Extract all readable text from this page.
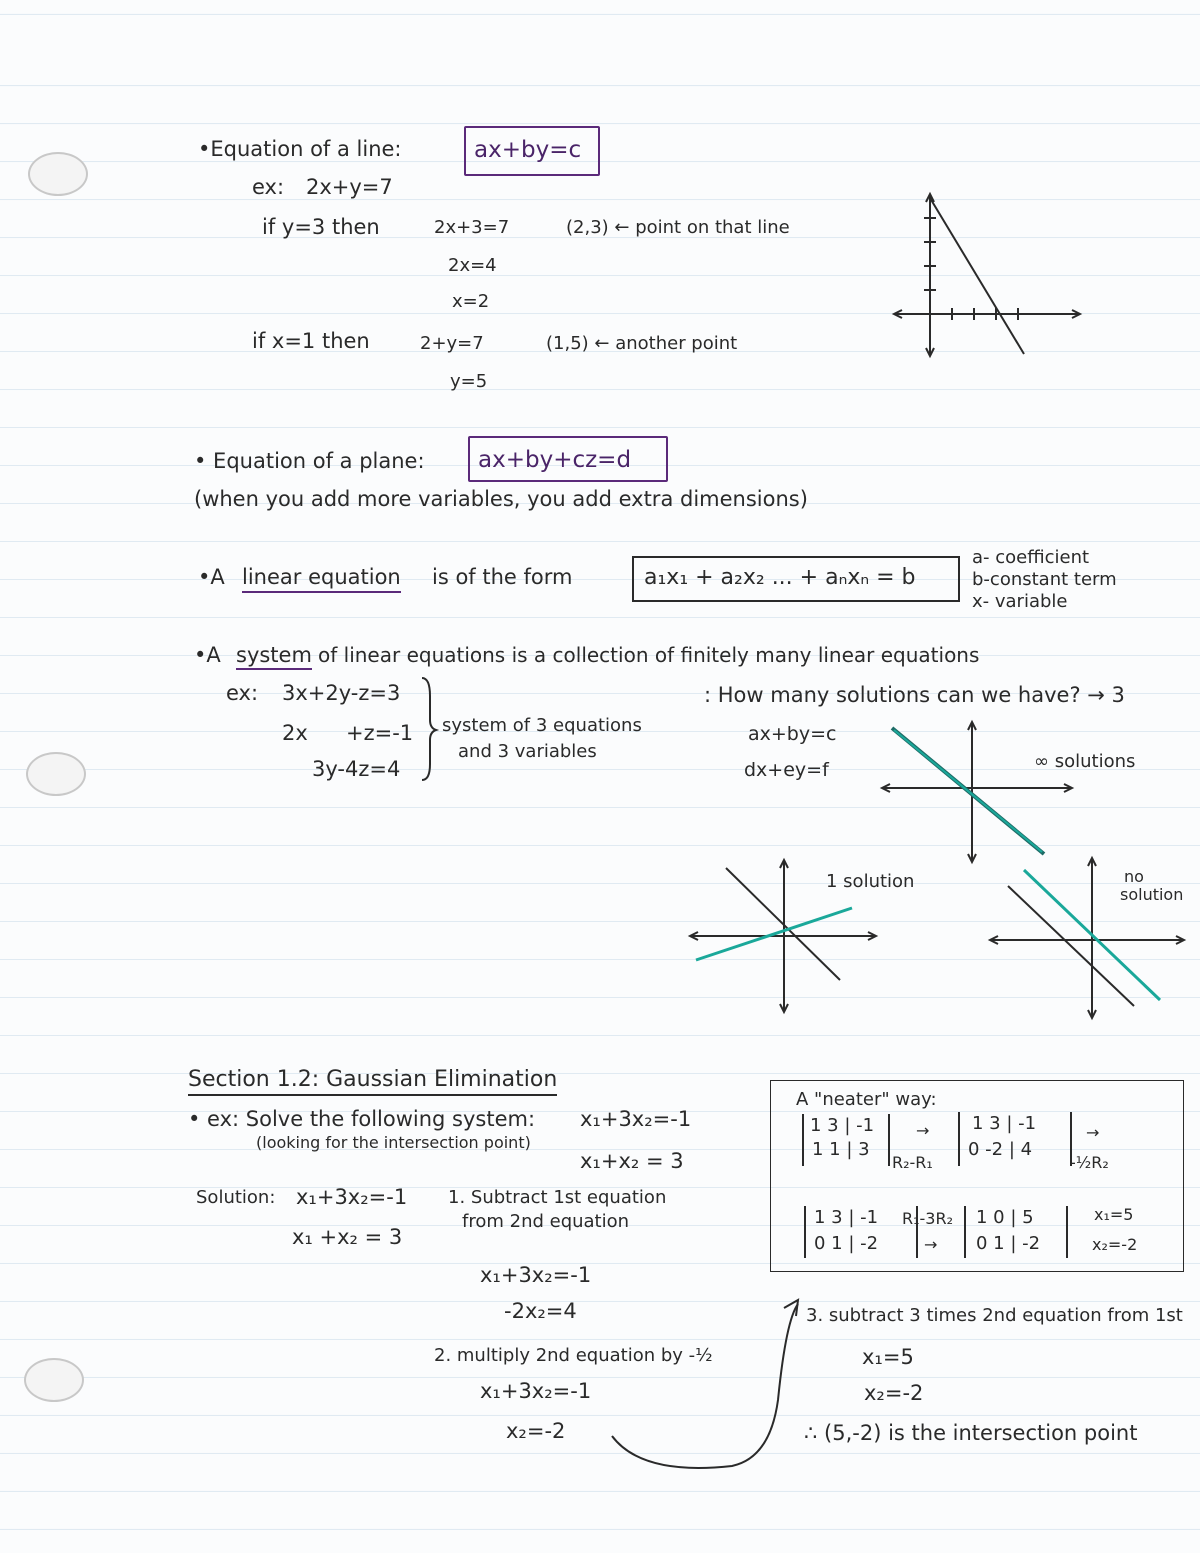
•Equation of a line:	ax+by=c
ex: 2x+y=7
if y=3 then	2x+3=7
2x=4
x=2
(2,3) ← point on that line
if x=1 then	2+y=7
y=5
(1,5) ← another point
• Equation of a plane: ax+by+cz=d
(when you add more variables, you add extra dimensions)
•A linear equation is of the form	a₁x₁ + a₂x₂ ... + aₙxₙ = b
a- coefficient
b-constant term
x- variable
•A system of linear equations is a collection of finitely many linear equations
ex: 3x+2y-z=3
2x +z=-1
3y-4z=4
system of 3 equations
and 3 variables
: How many solutions can we have? → 3
ax+by=c
dx+ey=f	∞ solutions
1 solution	no
solution
Section 1.2: Gaussian Elimination
• ex: Solve the following system: x₁+3x₂=-1
(looking for the intersection point)
x₁+x₂ = 3
Solution: x₁+3x₂=-1
x₁ +x₂ = 3
1. Subtract 1st equation
from 2nd equation
x₁+3x₂=-1
-2x₂=4
2. multiply 2nd equation by -½
x₁+3x₂=-1
x₂=-2
3. subtract 3 times 2nd equation from 1st
x₁=5
x₂=-2
∴ (5,-2) is the intersection point
A "neater" way:
1 3 | -1
1 1 | 3
→
R₂-R₁
1 3 | -1
0 -2 | 4
→
-½R₂
1 3 | -1
0 1 | -2
R₁-3R₂
→
1 0 | 5
0 1 | -2
x₁=5
x₂=-2
